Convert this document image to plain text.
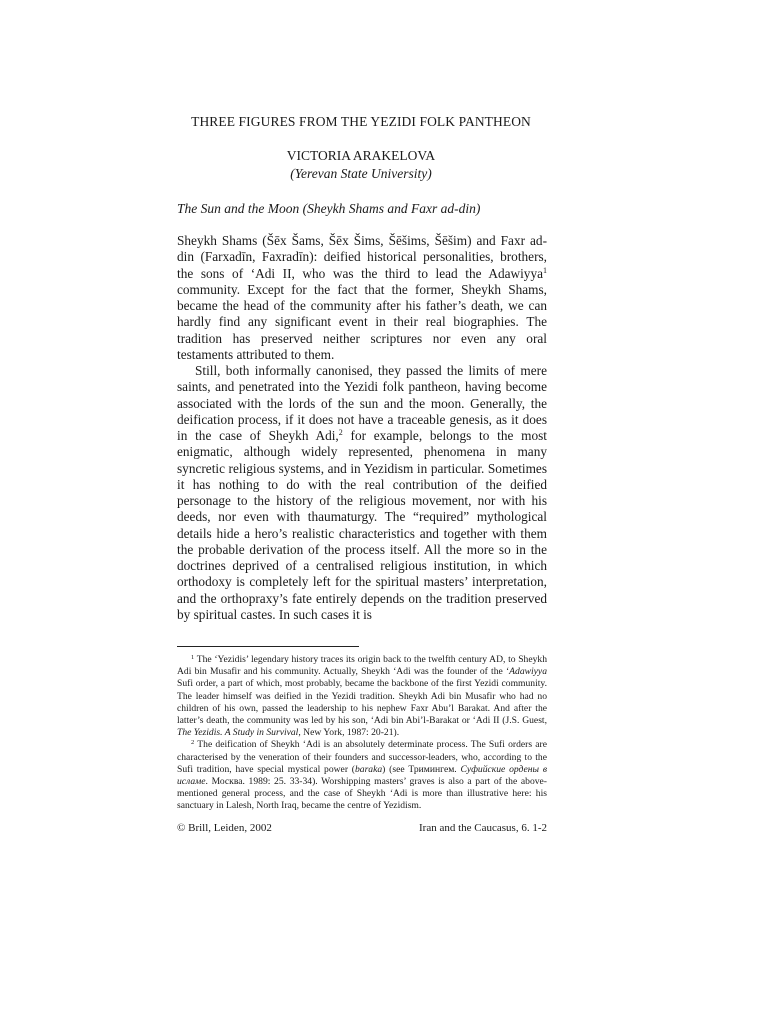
THREE FIGURES FROM THE YEZIDI FOLK PANTHEON
VICTORIA ARAKELOVA
(Yerevan State University)
The Sun and the Moon (Sheykh Shams and Faxr ad-din)

Sheykh Shams (Šēx Šams, Šēx Šims, Šēšims, Šēšim) and Faxr ad-din (Farxadīn, Faxradīn): deified historical personalities, brothers, the sons of ‘Adi II, who was the third to lead the Adawiyya$^1$ community. Except for the fact that the former, Sheykh Shams, became the head of the community after his father’s death, we can hardly find any significant event in their real biographies. The tradition has preserved neither scriptures nor even any oral testaments attributed to them.

Still, both informally canonised, they passed the limits of mere saints, and penetrated into the Yezidi folk pantheon, having become associated with the lords of the sun and the moon. Generally, the deification process, if it does not have a traceable genesis, as it does in the case of Sheykh Adi,$^2$ for example, belongs to the most enigmatic, although widely represented, phenomena in many syncretic religious systems, and in Yezidism in particular. Sometimes it has nothing to do with the real contribution of the deified personage to the history of the religious movement, nor with his deeds, nor even with thaumaturgy. The “required” mythological details hide a hero’s realistic characteristics and together with them the probable derivation of the process itself. All the more so in the doctrines deprived of a centralised religious institution, in which orthodoxy is completely left for the spiritual masters’ interpretation, and the orthopraxy’s fate entirely depends on the tradition preserved by spiritual castes. In such cases it is

$^1$ The ‘Yezidis’ legendary history traces its origin back to the twelfth century AD, to Sheykh Adi bin Musafir and his community. Actually, Sheykh ‘Adi was the founder of the ‘Adawiyya Sufi order, a part of which, most probably, became the backbone of the first Yezidi community. The leader himself was deified in the Yezidi tradition. Sheykh Adi bin Musafir who had no children of his own, passed the leadership to his nephew Faxr Abu’l Barakat. And after the latter’s death, the community was led by his son, ‘Adi bin Abi’l-Barakat or ‘Adi II (J.S. Guest, The Yezidis. A Study in Survival, New York, 1987: 20-21).

$^2$ The deification of Sheykh ‘Adi is an absolutely determinate process. The Sufi orders are characterised by the veneration of their founders and successor-leaders, who, according to the Sufi tradition, have special mystical power (baraka) (see Тримингем. Суфийские ордены в исламе. Москва. 1989: 25. 33-34). Worshipping masters’ graves is also a part of the above-mentioned general process, and the case of Sheykh ‘Adi is more than illustrative here: his sanctuary in Lalesh, North Iraq, became the centre of Yezidism.

© Brill, Leiden, 2002	Iran and the Caucasus, 6. 1-2
